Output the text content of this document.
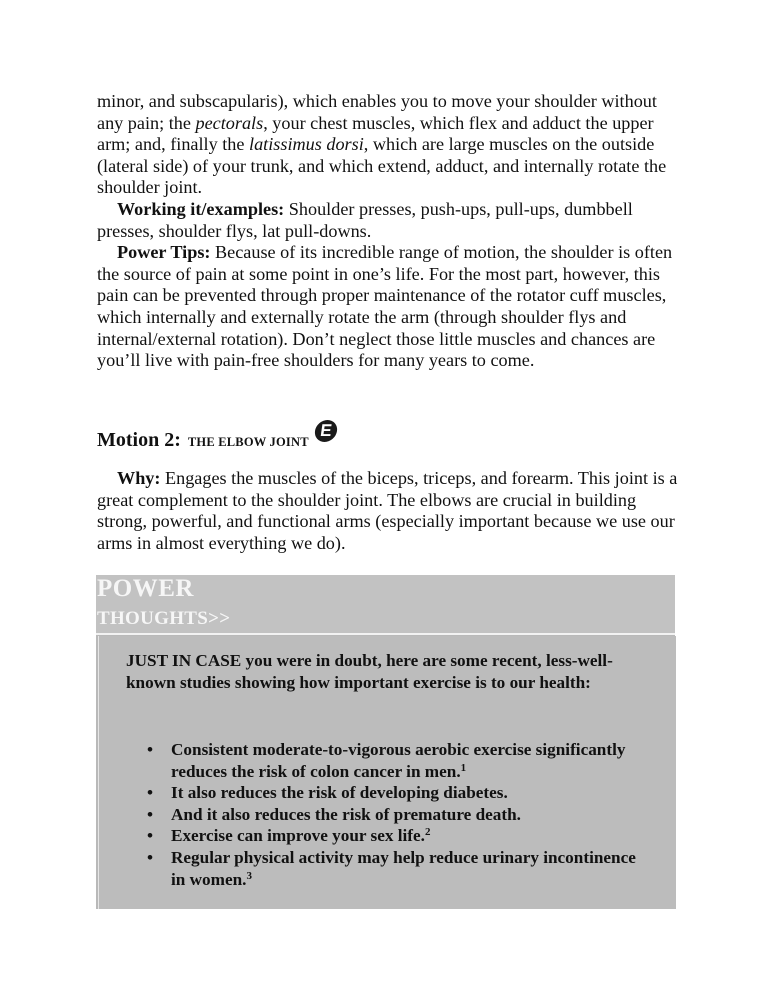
minor, and subscapularis), which enables you to move your shoulder without any pain; the pectorals, your chest muscles, which flex and adduct the upper arm; and, finally the latissimus dorsi, which are large muscles on the outside (lateral side) of your trunk, and which extend, adduct, and internally rotate the shoulder joint.
Working it/examples: Shoulder presses, push-ups, pull-ups, dumbbell presses, shoulder flys, lat pull-downs.
Power Tips: Because of its incredible range of motion, the shoulder is often the source of pain at some point in one’s life. For the most part, however, this pain can be prevented through proper maintenance of the rotator cuff muscles, which internally and externally rotate the arm (through shoulder flys and internal/external rotation). Don’t neglect those little muscles and chances are you’ll live with pain-free shoulders for many years to come.
Motion 2: THE ELBOW JOINT
E
Why: Engages the muscles of the biceps, triceps, and forearm. This joint is a great complement to the shoulder joint. The elbows are crucial in building strong, powerful, and functional arms (especially important because we use our arms in almost everything we do).
POWER
THOUGHTS>>
JUST IN CASE you were in doubt, here are some recent, less-well-known studies showing how important exercise is to our health:
• Consistent moderate-to-vigorous aerobic exercise significantly reduces the risk of colon cancer in men.$^1$
• It also reduces the risk of developing diabetes.
• And it also reduces the risk of premature death.
• Exercise can improve your sex life.$^2$
• Regular physical activity may help reduce urinary incontinence in women.$^3$
